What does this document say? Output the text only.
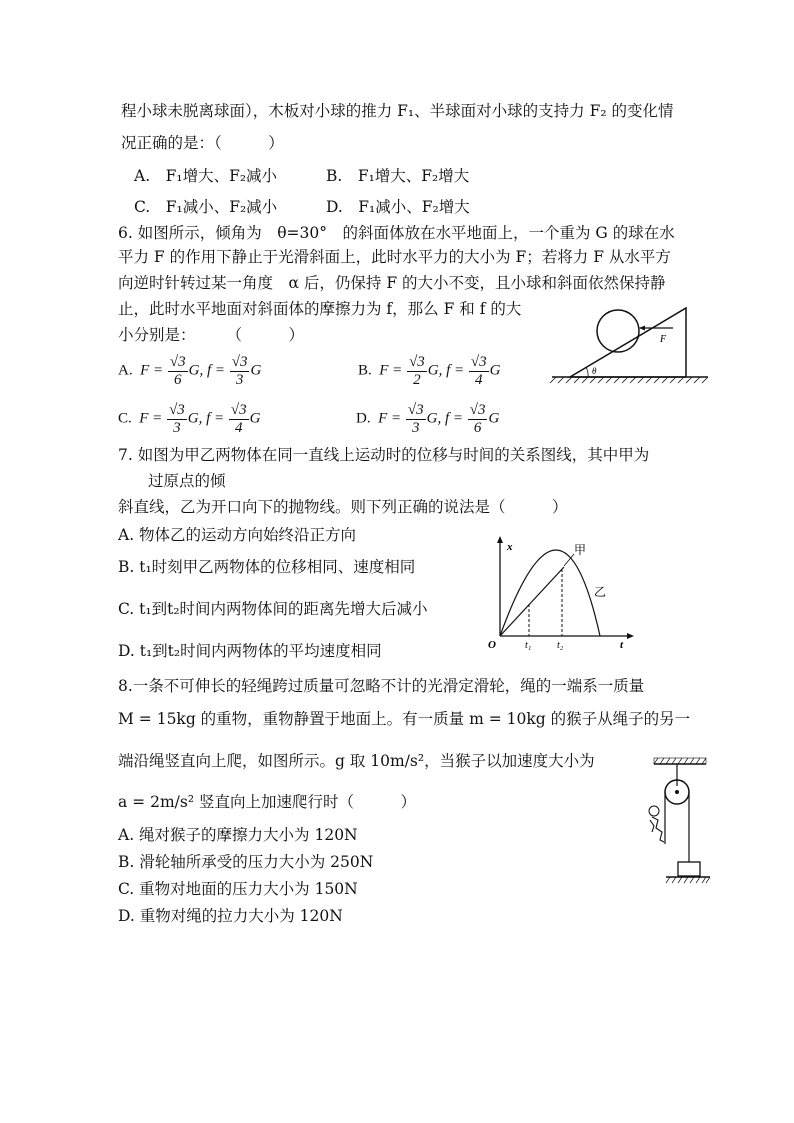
程小球未脱离球面），木板对小球的推力 F₁、半球面对小球的支持力 F₂ 的变化情
况正确的是：（　　　）
A.　F₁增大、F₂减小	B.　F₁增大、F₂增大
C.　F₁减小、F₂减小	D.　F₁减小、F₂增大
6. 如图所示，倾角为　θ=30°　的斜面体放在水平地面上，一个重为 G 的球在水
平力 F 的作用下静止于光滑斜面上，此时水平力的大小为 F；若将力 F 从水平方
向逆时针转过某一角度　α 后，仍保持 F 的大小不变，且小球和斜面依然保持静
止，此时水平地面对斜面体的摩擦力为 f，那么 F 和 f 的大
小分别是：　　　（　　　）
A.  $F = \frac{√3}{6} G$, $f = \frac{√3}{3}$ G	B.  $F = \frac{√3}{2} G$, $f = \frac{√3}{4}$ G
C.  $F = \frac{√3}{3} G$, $f = \frac{√3}{4}$ G	D.  $F = \frac{√3}{3} G$, $f = \frac{√3}{6}$ G
F
θ
7. 如图为甲乙两物体在同一直线上运动时的位移与时间的关系图线，其中甲为
过原点的倾
斜直线，乙为开口向下的抛物线。则下列正确的说法是（　　　）
A. 物体乙的运动方向始终沿正方向
B. t₁时刻甲乙两物体的位移相同、速度相同
C. t₁到t₂时间内两物体间的距离先增大后减小
D. t₁到t₂时间内两物体的平均速度相同
x
t
O	t₁	t₂
甲
乙
8.一条不可伸长的轻绳跨过质量可忽略不计的光滑定滑轮，绳的一端系一质量
M = 15kg 的重物，重物静置于地面上。有一质量 m = 10kg 的猴子从绳子的另一
端沿绳竖直向上爬，如图所示。g 取 10m/s²，当猴子以加速度大小为
a = 2m/s² 竖直向上加速爬行时（　　　）
A. 绳对猴子的摩擦力大小为 120N
B. 滑轮轴所承受的压力大小为 250N
C. 重物对地面的压力大小为 150N
D. 重物对绳的拉力大小为 120N
